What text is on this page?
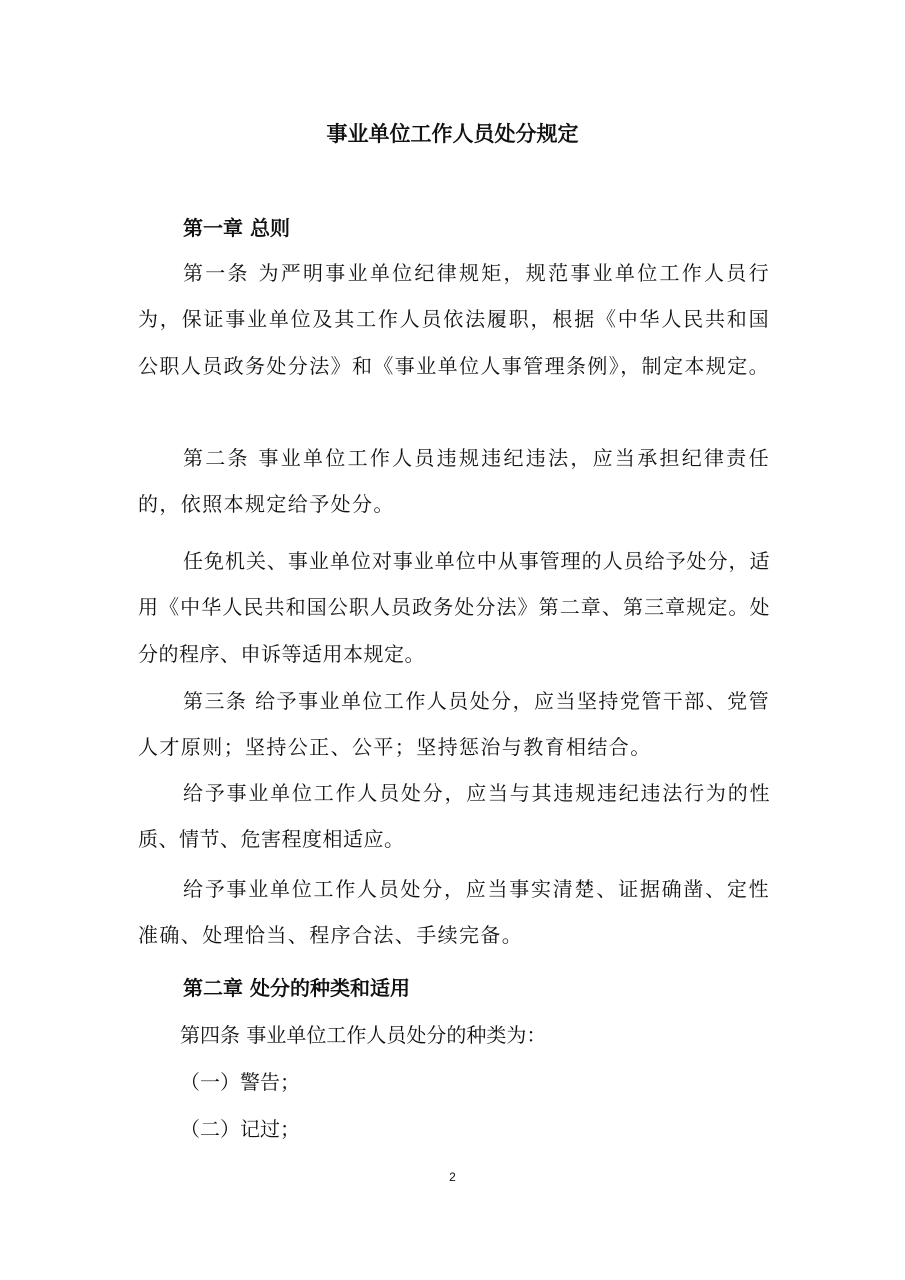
事业单位工作人员处分规定
第一章 总则

第一条 为严明事业单位纪律规矩，规范事业单位工作人员行为，保证事业单位及其工作人员依法履职，根据《中华人民共和国公职人员政务处分法》和《事业单位人事管理条例》，制定本规定。

第二条 事业单位工作人员违规违纪违法，应当承担纪律责任的，依照本规定给予处分。

任免机关、事业单位对事业单位中从事管理的人员给予处分，适用《中华人民共和国公职人员政务处分法》第二章、第三章规定。处分的程序、申诉等适用本规定。

第三条 给予事业单位工作人员处分，应当坚持党管干部、党管人才原则；坚持公正、公平；坚持惩治与教育相结合。

给予事业单位工作人员处分，应当与其违规违纪违法行为的性质、情节、危害程度相适应。

给予事业单位工作人员处分，应当事实清楚、证据确凿、定性准确、处理恰当、程序合法、手续完备。

第二章 处分的种类和适用

第四条 事业单位工作人员处分的种类为：

（一）警告；

（二）记过；

2
